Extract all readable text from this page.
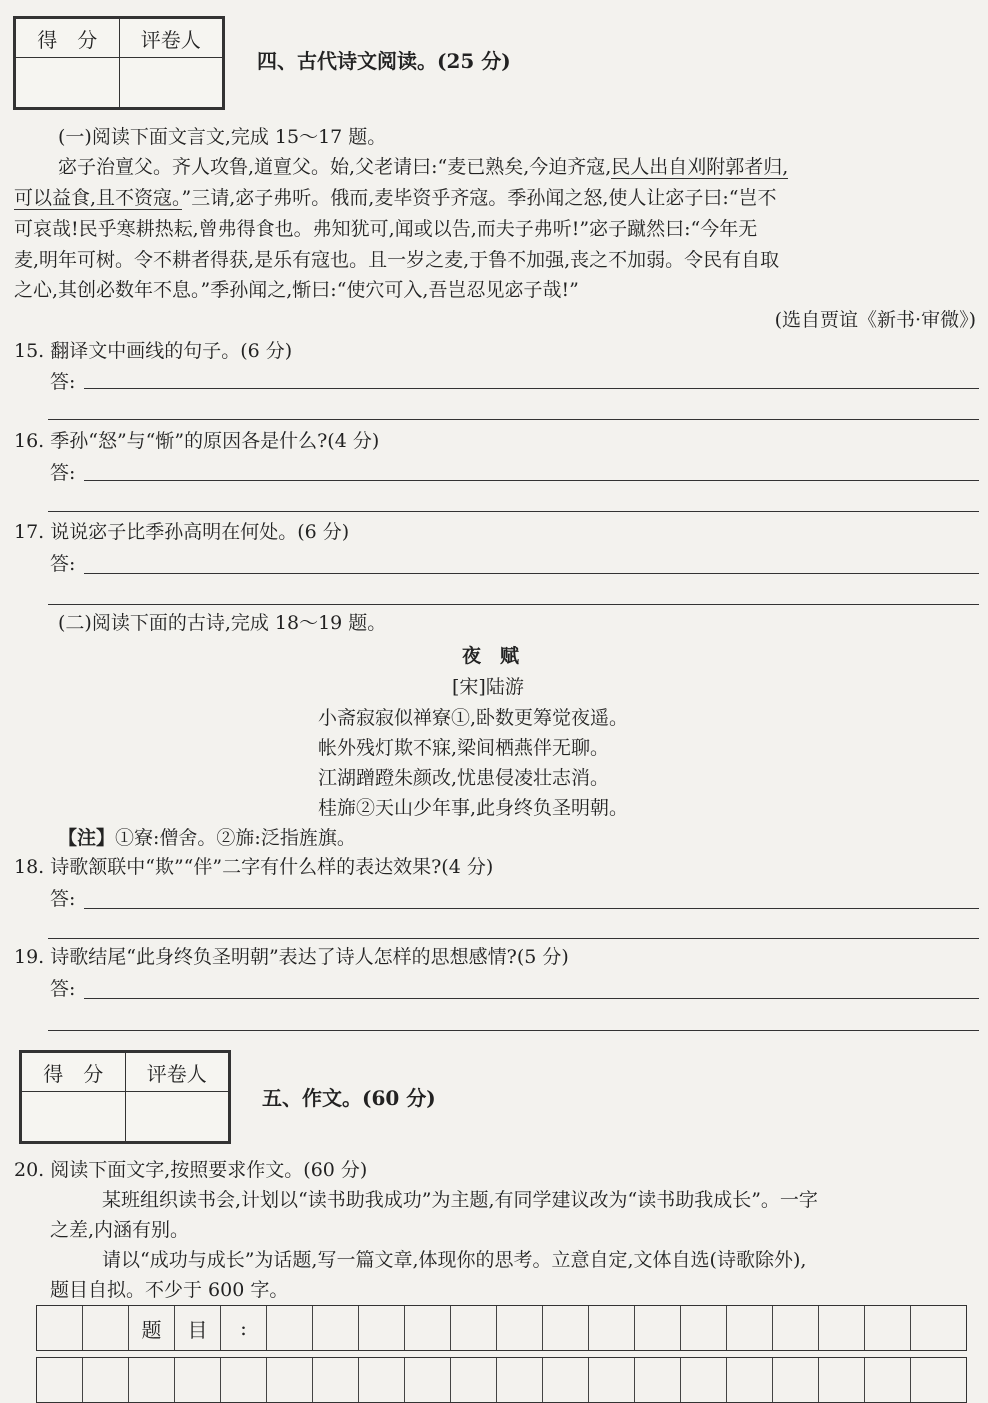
得　分	评卷人

四、古代诗文阅读。(25 分)
(一)阅读下面文言文,完成 15～17 题。
宓子治亶父。齐人攻鲁,道亶父。始,父老请曰:“麦已熟矣,今迫齐寇,民人出自刈附郭者归,
可以益食,且不资寇。”三请,宓子弗听。俄而,麦毕资乎齐寇。季孙闻之怒,使人让宓子曰:“岂不
可哀哉!民乎寒耕热耘,曾弗得食也。弗知犹可,闻或以告,而夫子弗听!”宓子蹴然曰:“今年无
麦,明年可树。令不耕者得获,是乐有寇也。且一岁之麦,于鲁不加强,丧之不加弱。令民有自取
之心,其创必数年不息。”季孙闻之,惭曰:“使穴可入,吾岂忍见宓子哉!”
(选自贾谊《新书·审微》)
15. 翻译文中画线的句子。(6 分)
答:
16. 季孙“怒”与“惭”的原因各是什么?(4 分)
答:
17. 说说宓子比季孙高明在何处。(6 分)
答:
(二)阅读下面的古诗,完成 18～19 题。
夜　赋
[宋]陆游
小斋寂寂似禅寮①,卧数更筹觉夜遥。
帐外残灯欺不寐,梁间栖燕伴无聊。
江湖蹭蹬朱颜改,忧患侵凌壮志消。
桂旆②天山少年事,此身终负圣明朝。
【注】①寮:僧舍。②旆:泛指旌旗。
18. 诗歌颔联中“欺”“伴”二字有什么样的表达效果?(4 分)
答:
19. 诗歌结尾“此身终负圣明朝”表达了诗人怎样的思想感情?(5 分)
答:
得　分	评卷人

五、作文。(60 分)
20. 阅读下面文字,按照要求作文。(60 分)
某班组织读书会,计划以“读书助我成功”为主题,有同学建议改为“读书助我成长”。一字
之差,内涵有别。
请以“成功与成长”为话题,写一篇文章,体现你的思考。立意自定,文体自选(诗歌除外),
题目自拟。不少于 600 字。
题	目	:
